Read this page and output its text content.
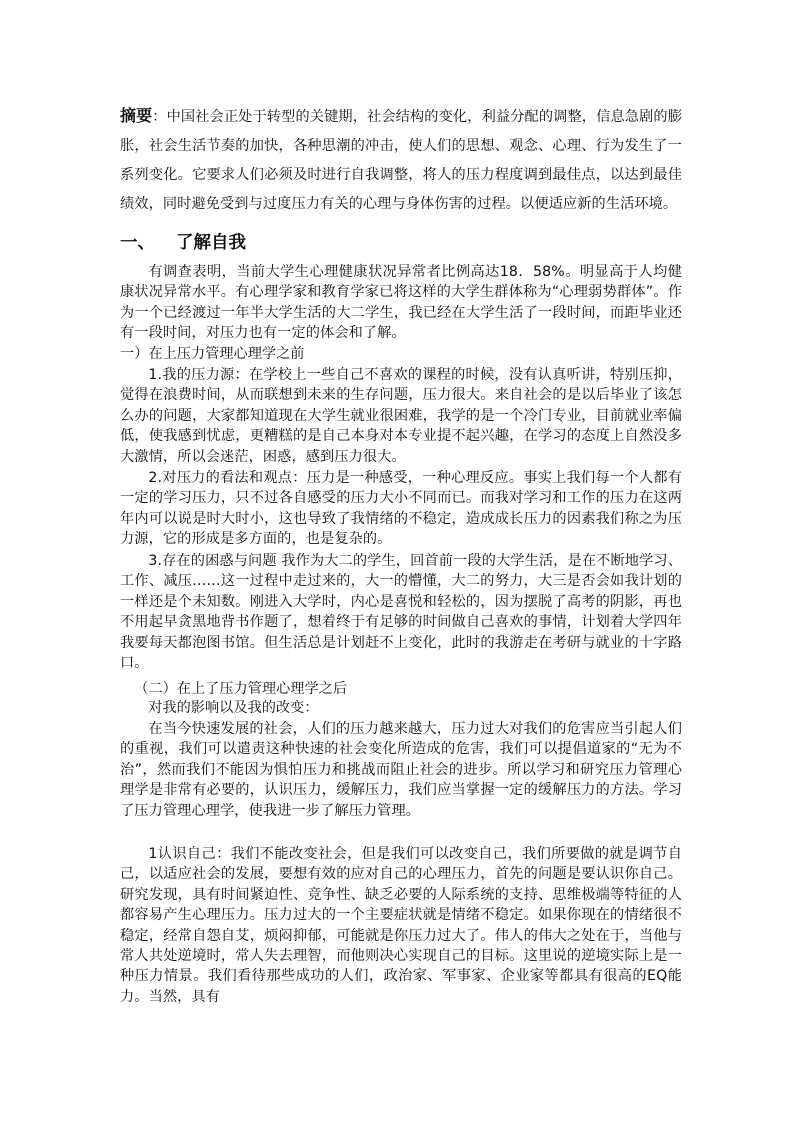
摘要：中国社会正处于转型的关键期，社会结构的变化，利益分配的调整，信息急剧的膨胀，社会生活节奏的加快，各种思潮的冲击，使人们的思想、观念、心理、行为发生了一系列变化。它要求人们必须及时进行自我调整，将人的压力程度调到最佳点，以达到最佳绩效，同时避免受到与过度压力有关的心理与身体伤害的过程。以便适应新的生活环境。

一、 了解自我

有调查表明，当前大学生心理健康状况异常者比例高达18．58%。明显高于人均健康状况异常水平。有心理学家和教育学家已将这样的大学生群体称为“心理弱势群体”。作为一个已经渡过一年半大学生活的大二学生，我已经在大学生活了一段时间，而距毕业还有一段时间，对压力也有一定的体会和了解。

一）在上压力管理心理学之前

1.我的压力源：在学校上一些自己不喜欢的课程的时候，没有认真听讲，特别压抑，觉得在浪费时间，从而联想到未来的生存问题，压力很大。来自社会的是以后毕业了该怎么办的问题，大家都知道现在大学生就业很困难，我学的是一个冷门专业，目前就业率偏低，使我感到忧虑，更糟糕的是自己本身对本专业提不起兴趣，在学习的态度上自然没多大激情，所以会迷茫，困惑，感到压力很大。

2.对压力的看法和观点：压力是一种感受，一种心理反应。事实上我们每一个人都有一定的学习压力，只不过各自感受的压力大小不同而已。而我对学习和工作的压力在这两年内可以说是时大时小，这也导致了我情绪的不稳定，造成成长压力的因素我们称之为压力源，它的形成是多方面的，也是复杂的。

3.存在的困惑与问题 我作为大二的学生，回首前一段的大学生活，是在不断地学习、工作、减压……这一过程中走过来的，大一的懵懂，大二的努力，大三是否会如我计划的一样还是个未知数。刚进入大学时，内心是喜悦和轻松的，因为摆脱了高考的阴影，再也不用起早贪黑地背书作题了，想着终于有足够的时间做自己喜欢的事情，计划着大学四年我要每天都泡图书馆。但生活总是计划赶不上变化，此时的我游走在考研与就业的十字路口。

（二）在上了压力管理心理学之后

对我的影响以及我的改变：

在当今快速发展的社会，人们的压力越来越大，压力过大对我们的危害应当引起人们的重视，我们可以遣责这种快速的社会变化所造成的危害，我们可以提倡道家的“无为不治”，然而我们不能因为惧怕压力和挑战而阻止社会的进步。所以学习和研究压力管理心理学是非常有必要的，认识压力，缓解压力，我们应当掌握一定的缓解压力的方法。学习了压力管理心理学，使我进一步了解压力管理。

1认识自己：我们不能改变社会，但是我们可以改变自己，我们所要做的就是调节自己，以适应社会的发展，要想有效的应对自己的心理压力，首先的问题是要认识你自己。研究发现，具有时间紧迫性、竞争性、缺乏必要的人际系统的支持、思维极端等特征的人都容易产生心理压力。压力过大的一个主要症状就是情绪不稳定。如果你现在的情绪很不稳定，经常自怨自艾，烦闷抑郁，可能就是你压力过大了。伟人的伟大之处在于，当他与常人共处逆境时，常人失去理智，而他则决心实现自己的目标。这里说的逆境实际上是一种压力情景。我们看待那些成功的人们，政治家、军事家、企业家等都具有很高的EQ能力。当然，具有
